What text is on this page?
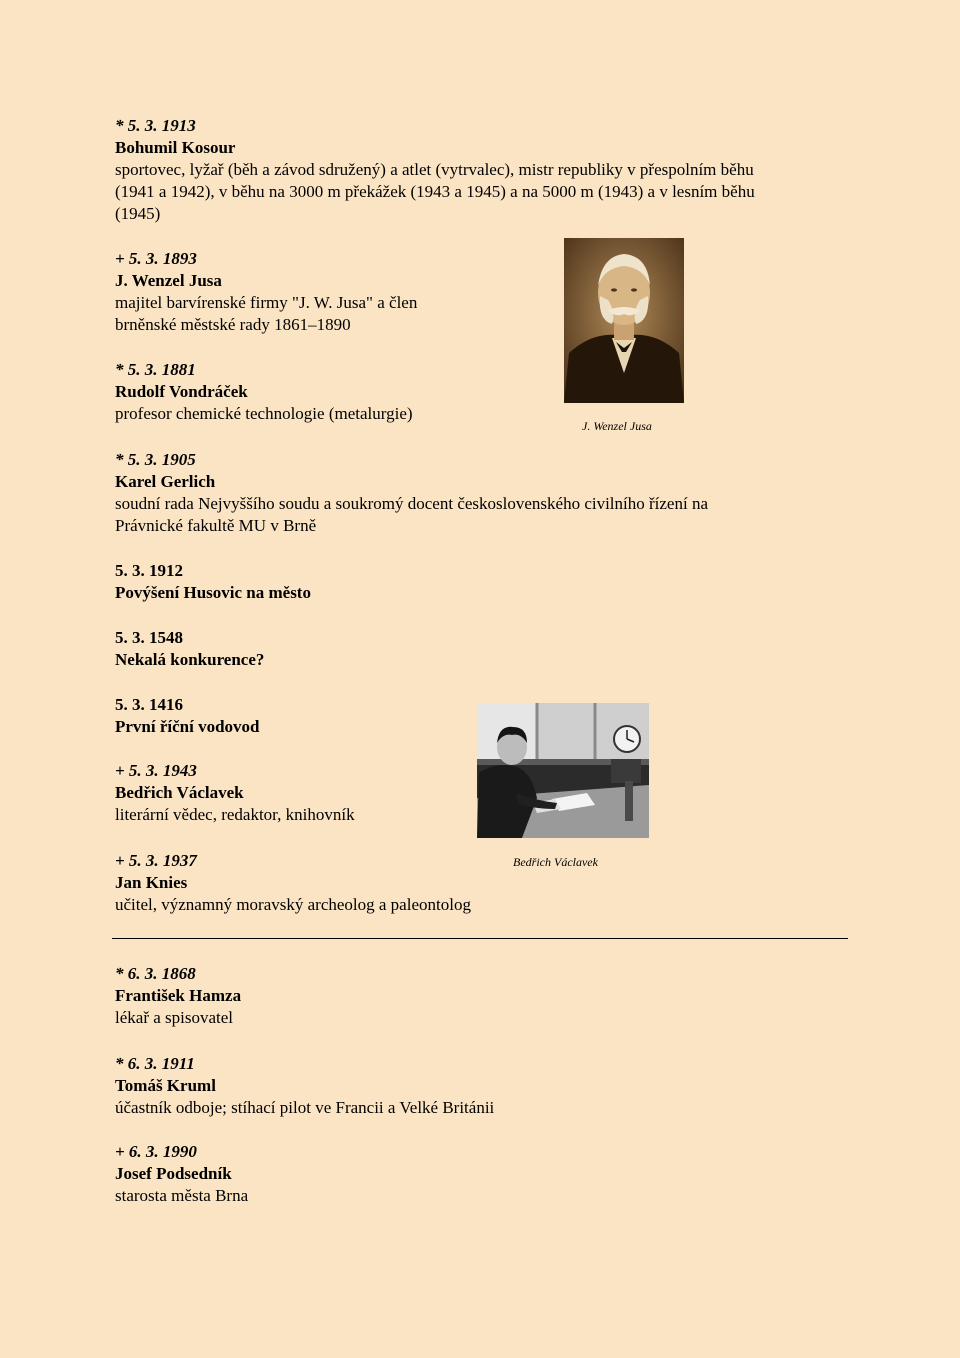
* 5. 3. 1913
Bohumil Kosour
sportovec, lyžař (běh a závod sdružený) a atlet (vytrvalec), mistr republiky v přespolním běhu
(1941 a 1942), v běhu na 3000 m překážek (1943 a 1945) a na 5000 m (1943) a v lesním běhu
(1945)
+ 5. 3. 1893
J. Wenzel Jusa
majitel barvírenské firmy "J. W. Jusa" a člen
brněnské městské rady 1861–1890
* 5. 3. 1881
Rudolf Vondráček
profesor chemické technologie (metalurgie)
* 5. 3. 1905
Karel Gerlich
soudní rada Nejvyššího soudu a soukromý docent československého civilního řízení na
Právnické fakultě MU v Brně
5. 3. 1912
Povýšení Husovic na město
5. 3. 1548
Nekalá konkurence?
5. 3. 1416
První říční vodovod
+ 5. 3. 1943
Bedřich Václavek
literární vědec, redaktor, knihovník
+ 5. 3. 1937
Jan Knies
učitel, významný moravský archeolog a paleontolog
* 6. 3. 1868
František Hamza
lékař a spisovatel
* 6. 3. 1911
Tomáš Kruml
účastník odboje; stíhací pilot ve Francii a Velké Británii
+ 6. 3. 1990
Josef Podsedník
starosta města Brna
J. Wenzel Jusa
Bedřich Václavek
